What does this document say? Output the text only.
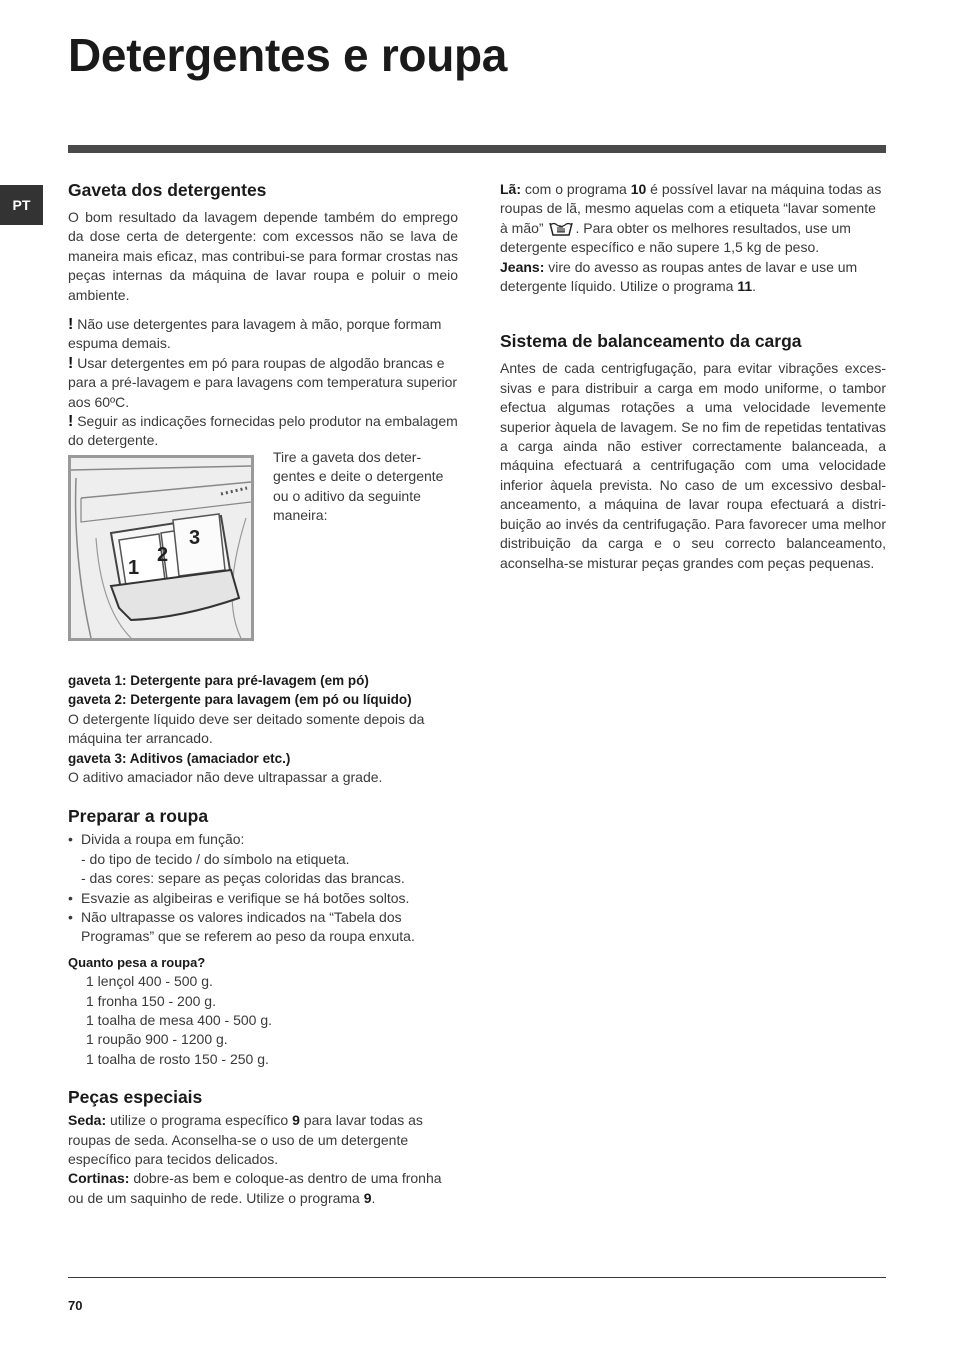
Detergentes e roupa
PT
Gaveta dos detergentes

O bom resultado da lavagem depende também do emprego da dose certa de detergente: com excessos não se lava de maneira mais eficaz, mas contribui-se para formar crostas nas peças internas da máquina de lavar roupa e poluir o meio ambiente.

! Não use detergentes para lavagem à mão, porque formam espuma demais.

! Usar detergentes em pó para roupas de algodão brancas e para a pré-lavagem e para lavagens com temperatura superior aos 60ºC.

! Seguir as indicações fornecidas pelo produtor na embalagem do detergente.

1
2
3

Tire a gaveta dos detergentes e deite o detergente ou o aditivo da seguinte maneira:

gaveta 1: Detergente para pré-lavagem (em pó)

gaveta 2: Detergente para lavagem (em pó ou líquido)

O detergente líquido deve ser deitado somente depois da máquina ter arrancado.

gaveta 3: Aditivos (amaciador etc.)

O aditivo amaciador não deve ultrapassar a grade.

Preparar a roupa
• Divida a roupa em função:
- do tipo de tecido / do símbolo na etiqueta.
- das cores: separe as peças coloridas das brancas.
• Esvazie as algibeiras e verifique se há botões soltos.
• Não ultrapasse os valores indicados na “Tabela dos Programas” que se referem ao peso da roupa enxuta.

Quanto pesa a roupa?

1 lençol 400 - 500 g.

1 fronha 150 - 200 g.

1 toalha de mesa 400 - 500 g.

1 roupão 900 - 1200 g.

1 toalha de rosto 150 - 250 g.

Peças especiais

Seda: utilize o programa específico 9 para lavar todas as roupas de seda. Aconselha-se o uso de um detergente específico para tecidos delicados.

Cortinas: dobre-as bem e coloque-as dentro de uma fronha ou de um saquinho de rede. Utilize o programa 9.

Lã: com o programa 10 é possível lavar na máquina todas as roupas de lã, mesmo aquelas com a etiqueta “lavar somente à mão” . Para obter os melhores resultados, use um detergente específico e não supere 1,5 kg de peso.

Jeans: vire do avesso as roupas antes de lavar e use um detergente líquido. Utilize o programa 11.

Sistema de balanceamento da carga

Antes de cada centrigfugação, para evitar vibrações excessivas e para distribuir a carga em modo uniforme, o tambor efectua algumas rotações a uma velocidade levemente superior àquela de lavagem. Se no fim de repetidas tentativas a carga ainda não estiver correctamente balanceada, a máquina efectuará a centrifugação com uma velocidade inferior àquela prevista. No caso de um excessivo desbalanceamento, a máquina de lavar roupa efectuará a distribuição ao invés da centrifugação. Para favorecer uma melhor distribuição da carga e o seu correcto balanceamento, aconselha-se misturar peças grandes com peças pequenas.

70
